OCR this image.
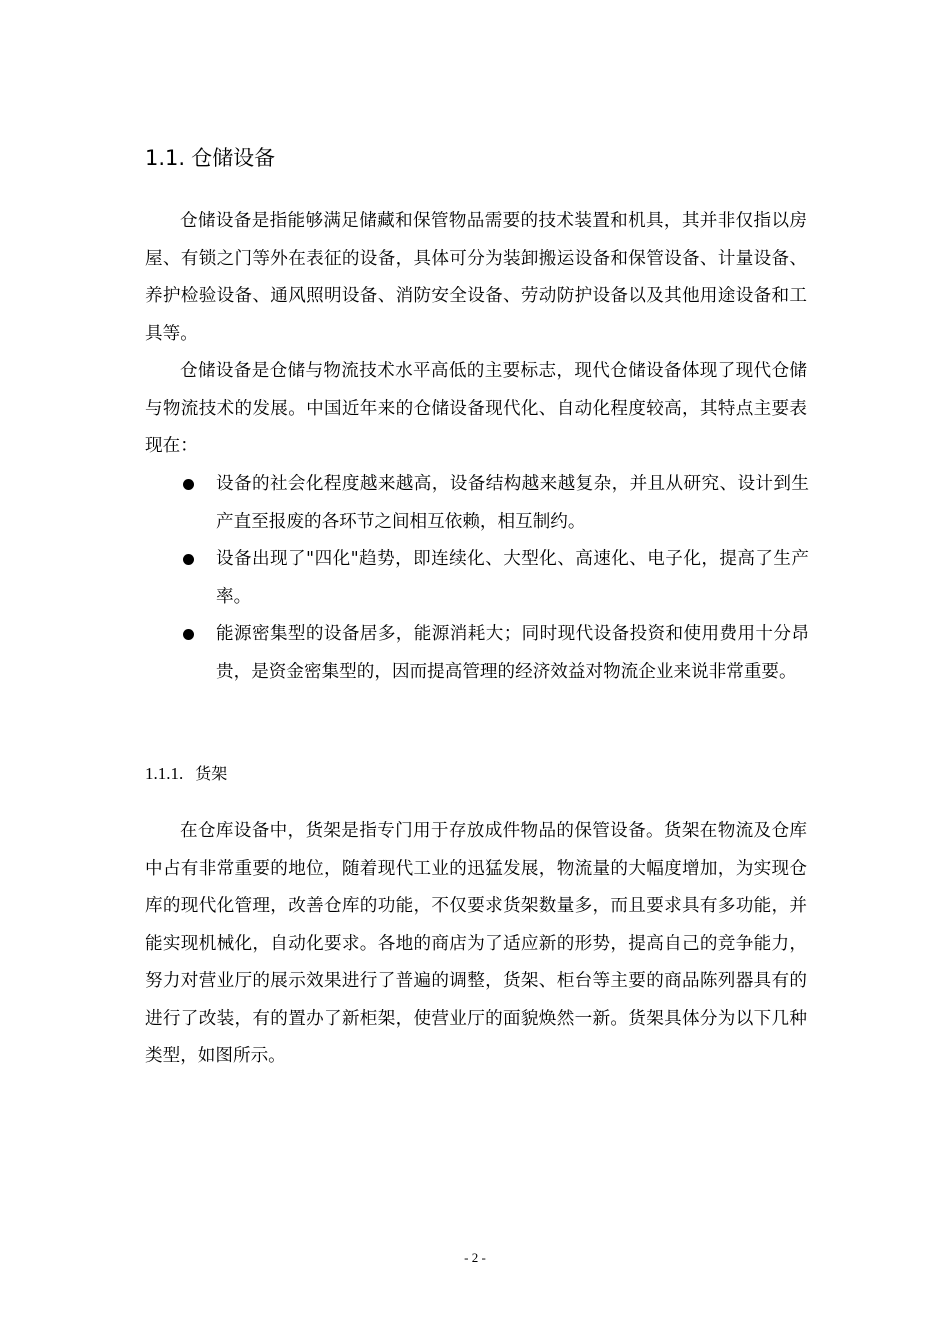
1.1. 仓储设备

仓储设备是指能够满足储藏和保管物品需要的技术装置和机具，其并非仅指以房屋、有锁之门等外在表征的设备，具体可分为装卸搬运设备和保管设备、计量设备、养护检验设备、通风照明设备、消防安全设备、劳动防护设备以及其他用途设备和工具等。

仓储设备是仓储与物流技术水平高低的主要标志，现代仓储设备体现了现代仓储与物流技术的发展。中国近年来的仓储设备现代化、自动化程度较高，其特点主要表现在：

设备的社会化程度越来越高，设备结构越来越复杂，并且从研究、设计到生产直至报废的各环节之间相互依赖，相互制约。
设备出现了"四化"趋势，即连续化、大型化、高速化、电子化，提高了生产率。
能源密集型的设备居多，能源消耗大；同时现代设备投资和使用费用十分昂贵，是资金密集型的，因而提高管理的经济效益对物流企业来说非常重要。
1.1.1. 货架

在仓库设备中，货架是指专门用于存放成件物品的保管设备。货架在物流及仓库中占有非常重要的地位，随着现代工业的迅猛发展，物流量的大幅度增加，为实现仓库的现代化管理，改善仓库的功能，不仅要求货架数量多，而且要求具有多功能，并能实现机械化，自动化要求。各地的商店为了适应新的形势，提高自己的竞争能力，努力对营业厅的展示效果进行了普遍的调整，货架、柜台等主要的商品陈列器具有的进行了改装，有的置办了新柜架，使营业厅的面貌焕然一新。货架具体分为以下几种类型，如图所示。

- 2 -
